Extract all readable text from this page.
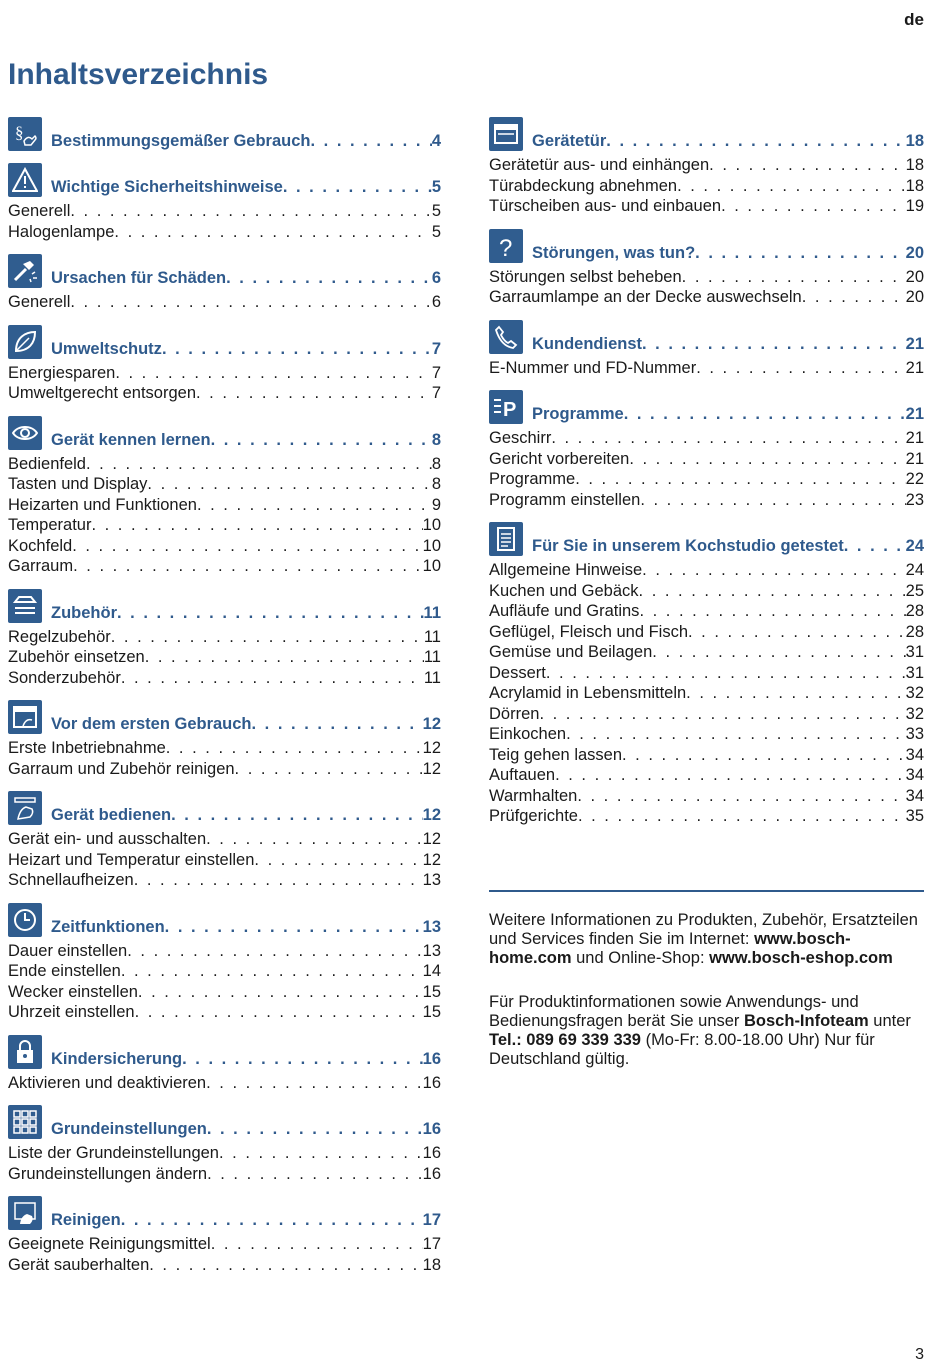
de
Inhaltsverzeichnis
§ Bestimmungsgemäßer Gebrauch . . .	4
Wichtige Sicherheitshinweise . . .	5
Generell . . .	5
Halogenlampe . . .	5
Ursachen für Schäden . . .	6
Generell . . .	6
Umweltschutz . . .	7
Energiesparen . . .	7
Umweltgerecht entsorgen . . .	7
Gerät kennen lernen . . .	8
Bedienfeld . . .	8
Tasten und Display . . .	8
Heizarten und Funktionen . . .	9
Temperatur . . .	10
Kochfeld . . .	10
Garraum . . .	10
Zubehör . . .	11
Regelzubehör . . .	11
Zubehör einsetzen . . .	11
Sonderzubehör . . .	11
Vor dem ersten Gebrauch . . .	12
Erste Inbetriebnahme . . .	12
Garraum und Zubehör reinigen . . .	12
Gerät bedienen . . .	12
Gerät ein- und ausschalten . . .	12
Heizart und Temperatur einstellen . . .	12
Schnellaufheizen . . .	13
Zeitfunktionen . . .	13
Dauer einstellen . . .	13
Ende einstellen . . .	14
Wecker einstellen . . .	15
Uhrzeit einstellen . . .	15
Kindersicherung . . .	16
Aktivieren und deaktivieren . . .	16
Grundeinstellungen . . .	16
Liste der Grundeinstellungen . . .	16
Grundeinstellungen ändern . . .	16
Reinigen . . .	17
Geeignete Reinigungsmittel . . .	17
Gerät sauberhalten . . .	18
Gerätetür . . .	18
Gerätetür aus- und einhängen . . .	18
Türabdeckung abnehmen . . .	18
Türscheiben aus- und einbauen . . .	19
? Störungen, was tun? . . .	20
Störungen selbst beheben . . .	20
Garraumlampe an der Decke auswechseln . . .	20
Kundendienst . . .	21
E-Nummer und FD-Nummer . . .	21
P Programme . . .	21
Geschirr . . .	21
Gericht vorbereiten . . .	21
Programme . . .	22
Programm einstellen . . .	23
Für Sie in unserem Kochstudio getestet . . .	24
Allgemeine Hinweise . . .	24
Kuchen und Gebäck . . .	25
Aufläufe und Gratins . . .	28
Geflügel, Fleisch und Fisch . . .	28
Gemüse und Beilagen . . .	31
Dessert . . .	31
Acrylamid in Lebensmitteln . . .	32
Dörren . . .	32
Einkochen . . .	33
Teig gehen lassen . . .	34
Auftauen . . .	34
Warmhalten . . .	34
Prüfgerichte . . .	35

Weitere Informationen zu Produkten, Zubehör, Ersatzteilen und Services finden Sie im Internet: www.bosch-home.com und Online-Shop: www.bosch-eshop.com

Für Produktinformationen sowie Anwendungs- und Bedienungsfragen berät Sie unser Bosch-Infoteam unter Tel.: 089 69 339 339 (Mo-Fr: 8.00-18.00 Uhr) Nur für Deutschland gültig.

3
